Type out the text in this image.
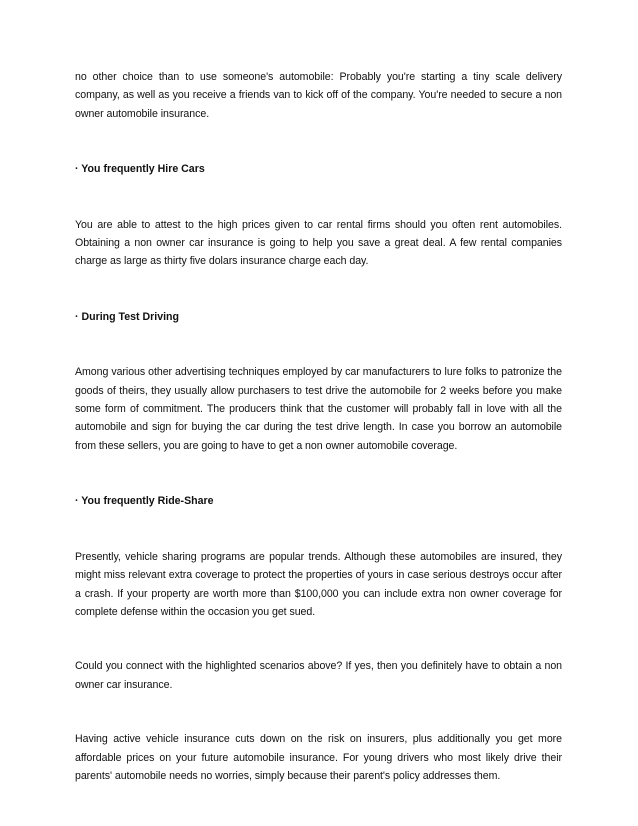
no other choice than to use someone's automobile: Probably you're starting a tiny scale delivery company, as well as you receive a friends van to kick off of the company. You're needed to secure a non owner automobile insurance.

· You frequently Hire Cars

You are able to attest to the high prices given to car rental firms should you often rent automobiles. Obtaining a non owner car insurance is going to help you save a great deal. A few rental companies charge as large as thirty five dolars insurance charge each day.

· During Test Driving

Among various other advertising techniques employed by car manufacturers to lure folks to patronize the goods of theirs, they usually allow purchasers to test drive the automobile for 2 weeks before you make some form of commitment. The producers think that the customer will probably fall in love with all the automobile and sign for buying the car during the test drive length. In case you borrow an automobile from these sellers, you are going to have to get a non owner automobile coverage.

· You frequently Ride-Share

Presently, vehicle sharing programs are popular trends. Although these automobiles are insured, they might miss relevant extra coverage to protect the properties of yours in case serious destroys occur after a crash. If your property are worth more than $100,000 you can include extra non owner coverage for complete defense within the occasion you get sued.

Could you connect with the highlighted scenarios above? If yes, then you definitely have to obtain a non owner car insurance.

Having active vehicle insurance cuts down on the risk on insurers, plus additionally you get more affordable prices on your future automobile insurance. For young drivers who most likely drive their parents' automobile needs no worries, simply because their parent's policy addresses them.
